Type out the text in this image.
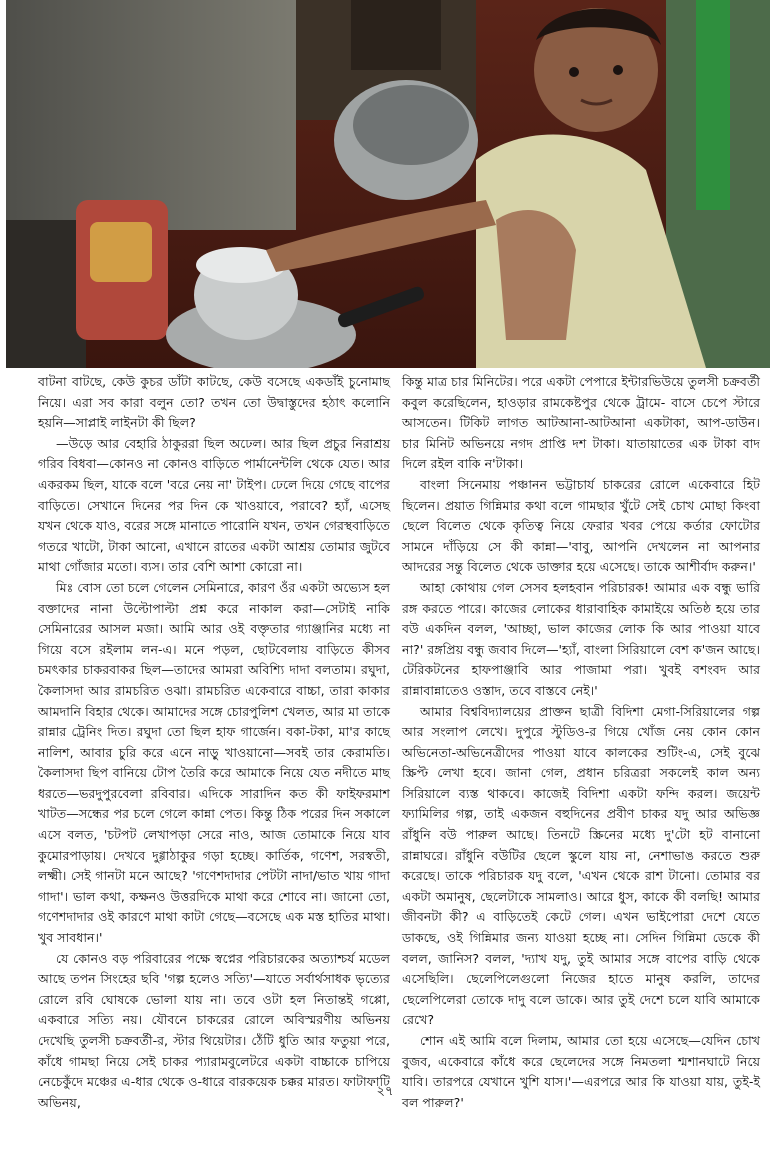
বাটনা বাটছে, কেউ কুচর ডাঁটা কাটছে, কেউ বসেছে একডাঁই চুনোমাছ নিয়ে। এরা সব কারা বলুন তো? তখন তো উদ্বাস্তুদের হঠাৎ কলোনি হয়নি—সাপ্লাই লাইনটা কী ছিল?

—উড়ে আর বেহারি ঠাকুররা ছিল অঢেল। আর ছিল প্রচুর নিরাশ্রয় গরিব বিধবা—কোনও না কোনও বাড়িতে পার্মানেন্টলি থেকে যেত। আর একরকম ছিল, যাকে বলে 'বরে নেয় না' টাইপ। ঢেলে দিয়ে গেছে বাপের বাড়িতে। সেখানে দিনের পর দিন কে খাওয়াবে, পরাবে? হ্যাঁ, এসেছ যখন থেকে যাও, বরের সঙ্গে মানাতে পারোনি যখন, তখন গেরস্থবাড়িতে গতরে খাটো, টাকা আনো, এখানে রাতের একটা আশ্রয় তোমার জুটবে মাথা গোঁজার মতো। ব্যস। তার বেশি আশা কোরো না।

মিঃ বোস তো চলে গেলেন সেমিনারে, কারণ ওঁর একটা অভ্যেস হল বক্তাদের নানা উল্টোপাল্টা প্রশ্ন করে নাকাল করা—সেটাই নাকি সেমিনারের আসল মজা। আমি আর ওই বক্তৃতার গ্যাঞ্জানির মধ্যে না গিয়ে বসে রইলাম লন-এ। মনে পড়ল, ছোটবেলায় বাড়িতে কীসব চমৎকার চাকরবাকর ছিল—তাদের আমরা অবিশ্যি দাদা বলতাম। রঘুদা, কৈলাসদা আর রামচরিত ওঝা। রামচরিত একেবারে বাচ্চা, তারা কাকার আমদানি বিহার থেকে। আমাদের সঙ্গে চোরপুলিশ খেলত, আর মা তাকে রান্নার ট্রেনিং দিত। রঘুদা তো ছিল হাফ গার্জেন। বকা-টকা, মা'র কাছে নালিশ, আবার চুরি করে এনে নাড়ু খাওয়ানো—সবই তার কেরামতি। কৈলাসদা ছিপ বানিয়ে টোপ তৈরি করে আমাকে নিয়ে যেত নদীতে মাছ ধরতে—ভরদুপুরবেলা রবিবার। এদিকে সারাদিন কত কী ফাইফরমাশ খাটত—সন্ধের পর চলে গেলে কান্না পেত। কিন্তু ঠিক পরের দিন সকালে এসে বলত, 'চটপট লেখাপড়া সেরে নাও, আজ তোমাকে নিয়ে যাব কুমোরপাড়ায়। দেখবে দুগ্গাঠাকুর গড়া হচ্ছে। কার্তিক, গণেশ, সরস্বতী, লক্ষ্মী। সেই গানটা মনে আছে? 'গণেশদাদার পেটটা নাদা/ভাত খায় গাদা গাদা'। ভাল কথা, কক্ষনও উত্তরদিকে মাথা করে শোবে না। জানো তো, গণেশদাদার ওই কারণে মাথা কাটা গেছে—বসেছে এক মস্ত হাতির মাথা। খুব সাবধান।'

যে কোনও বড় পরিবারের পক্ষে স্বপ্নের পরিচারকের অত্যাশ্চর্য মডেল আছে তপন সিংহের ছবি 'গল্প হলেও সত্যি'—যাতে সর্বার্থসাধক ভৃত্যের রোলে রবি ঘোষকে ভোলা যায় না। তবে ওটা হল নিতান্তই গপ্পো, একবারে সত্যি নয়। যৌবনে চাকরের রোলে অবিস্মরণীয় অভিনয় দেখেছি তুলসী চক্রবর্তী-র, স্টার থিয়েটার। ঠেঁটি ধুতি আর ফতুয়া পরে, কাঁধে গামছা নিয়ে সেই চাকর প্যারামবুলেটরে একটা বাচ্চাকে চাপিয়ে নেচেকুঁদে মঞ্চের এ-ধার থেকে ও-ধারে বারকয়েক চক্কর মারত। ফাটাফাটি অভিনয়,

কিন্তু মাত্র চার মিনিটের। পরে একটা পেপারে ইন্টারভিউয়ে তুলসী চক্রবর্তী কবুল করেছিলেন, হাওড়ার রামকেষ্টপুর থেকে ট্রামে- বাসে চেপে স্টারে আসতেন। টিকিট লাগত আটআনা-আটআনা একটাকা, আপ-ডাউন। চার মিনিট অভিনয়ে নগদ প্রাপ্তি দশ টাকা। যাতায়াতের এক টাকা বাদ দিলে রইল বাকি ন'টাকা।

বাংলা সিনেমায় পঞ্চানন ভট্টাচার্য চাকরের রোলে একেবারে হিট ছিলেন। প্রয়াত গিন্নিমার কথা বলে গামছার খুঁটে সেই চোখ মোছা কিংবা ছেলে বিলেত থেকে কৃতিত্ব নিয়ে ফেরার খবর পেয়ে কর্তার ফোটোর সামনে দাঁড়িয়ে সে কী কান্না—'বাবু, আপনি দেখলেন না আপনার আদরের সন্তু বিলেত থেকে ডাক্তার হয়ে এসেছে। তাকে আশীর্বাদ করুন।'

আহা কোথায় গেল সেসব হলহবান পরিচারক! আমার এক বন্ধু ভারি রঙ্গ করতে পারে। কাজের লোকের ধারাবাহিক কামাইয়ে অতিষ্ঠ হয়ে তার বউ একদিন বলল, 'আচ্ছা, ভাল কাজের লোক কি আর পাওয়া যাবে না?' রঙ্গপ্রিয় বন্ধু জবাব দিলে—'হ্যাঁ, বাংলা সিরিয়ালে বেশ ক'জন আছে। টেরিকটনের হাফপাঞ্জাবি আর পাজামা পরা। খুবই বশংবদ আর রান্নাবান্নাতেও ওস্তাদ, তবে বাস্তবে নেই।'

আমার বিশ্ববিদ্যালয়ের প্রাক্তন ছাত্রী বিদিশা মেগা-সিরিয়ালের গল্প আর সংলাপ লেখে। দুপুরে স্টুডিও-র গিয়ে খোঁজ নেয় কোন কোন অভিনেতা-অভিনেত্রীদের পাওয়া যাবে কালকের শুটিং-এ, সেই বুঝে স্ক্রিপ্ট লেখা হবে। জানা গেল, প্রধান চরিত্ররা সকলেই কাল অন্য সিরিয়ালে ব্যস্ত থাকবে। কাজেই বিদিশা একটা ফন্দি করল। জয়েন্ট ফ্যামিলির গল্প, তাই একজন বহুদিনের প্রবীণ চাকর যদু আর অভিজ্ঞ রাঁধুনি বউ পারুল আছে। তিনটে স্ক্রিনের মধ্যে দু'টো হট বানানো রান্নাঘরে। রাঁধুনি বউটির ছেলে স্কুলে যায় না, নেশাভাঙ করতে শুরু করেছে। তাকে পরিচারক যদু বলে, 'এখন থেকে রাশ টানো। তোমার বর একটা অমানুষ, ছেলেটাকে সামলাও। আরে ধুস, কাকে কী বলছি! আমার জীবনটা কী? এ বাড়িতেই কেটে গেল। এখন ভাইপোরা দেশে যেতে ডাকছে, ওই গিন্নিমার জন্য যাওয়া হচ্ছে না। সেদিন গিন্নিমা ডেকে কী বলল, জানিস? বলল, 'দ্যাখ যদু, তুই আমার সঙ্গে বাপের বাড়ি থেকে এসেছিলি। ছেলেপিলেগুলো নিজের হাতে মানুষ করলি, তাদের ছেলেপিলেরা তোকে দাদু বলে ডাকে। আর তুই দেশে চলে যাবি আমাকে রেখে?

শোন এই আমি বলে দিলাম, আমার তো হয়ে এসেছে—যেদিন চোখ বুজব, একেবারে কাঁধে করে ছেলেদের সঙ্গে নিমতলা শ্মশানঘাটে নিয়ে যাবি। তারপরে যেখানে খুশি যাস।'—এরপরে আর কি যাওয়া যায়, তুই-ই বল পারুল?'

২৭
